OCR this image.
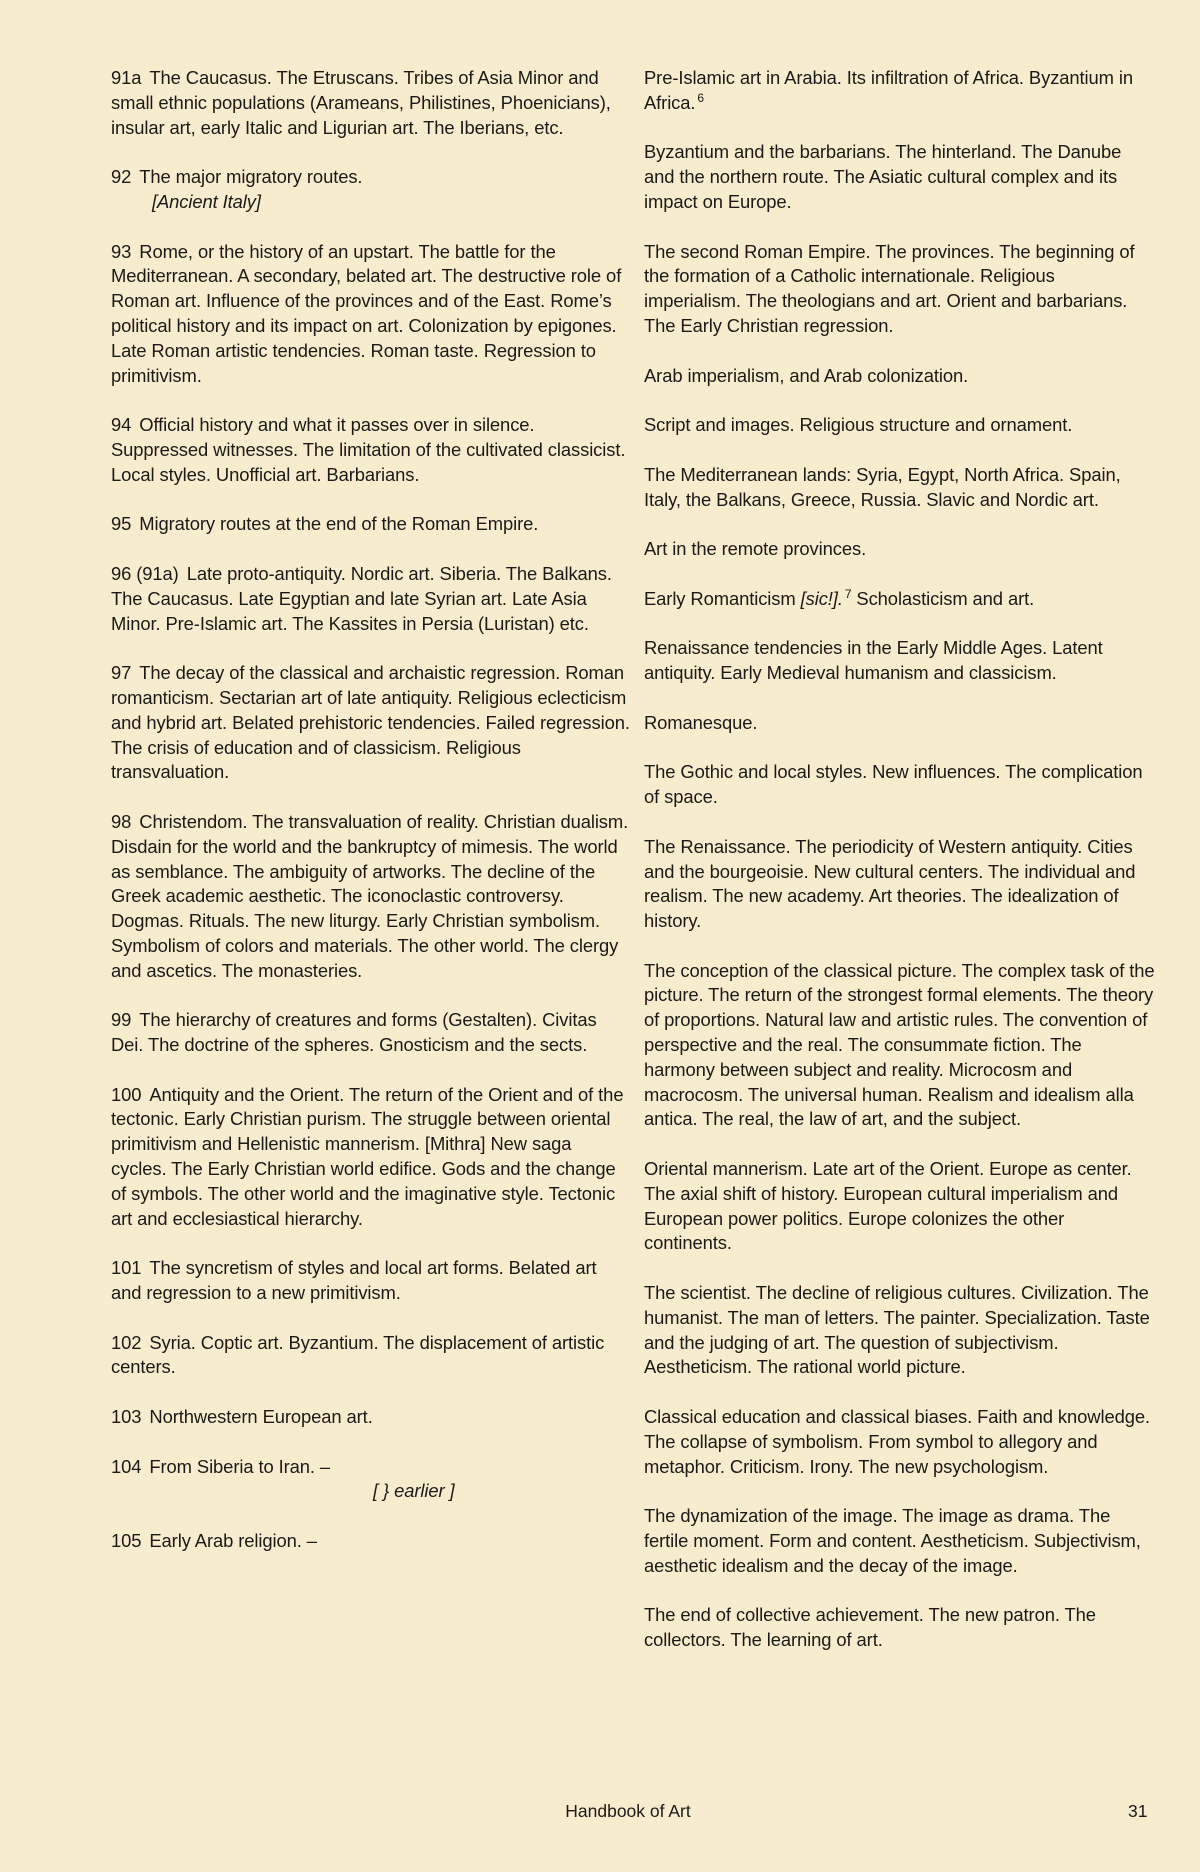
91a The Caucasus. The Etruscans. Tribes of Asia Minor and small ethnic populations (Arameans, Philistines, Phoenicians), insular art, early Italic and Ligurian art. The Iberians, etc.

92 The major migratory routes.
[Ancient Italy]

93 Rome, or the history of an upstart. The battle for the Mediterranean. A secondary, belated art. The destructive role of Roman art. Influence of the provinces and of the East. Rome’s political history and its impact on art. Colonization by epigones. Late Roman artistic tendencies. Roman taste. Regression to primitivism.

94 Official history and what it passes over in silence. Suppressed witnesses. The limitation of the cultivated classicist. Local styles. Unofficial art. Barbarians.

95 Migratory routes at the end of the Roman Empire.

96 (91a) Late proto-antiquity. Nordic art. Siberia. The Balkans. The Caucasus. Late Egyptian and late Syrian art. Late Asia Minor. Pre-Islamic art. The Kassites in Persia (Luristan) etc.

97 The decay of the classical and archaistic regression. Roman romanticism. Sectarian art of late antiquity. Religious eclecticism and hybrid art. Belated prehistoric tendencies. Failed regression. The crisis of education and of classicism. Religious transvaluation.

98 Christendom. The transvaluation of reality. Christian dualism. Disdain for the world and the bankruptcy of mimesis. The world as semblance. The ambiguity of artworks. The decline of the Greek academic aesthetic. The iconoclastic controversy. Dogmas. Rituals. The new liturgy. Early Christian symbolism. Symbolism of colors and materials. The other world. The clergy and ascetics. The monasteries.

99 The hierarchy of creatures and forms (Gestalten). Civitas Dei. The doctrine of the spheres. Gnosticism and the sects.

100 Antiquity and the Orient. The return of the Orient and of the tectonic. Early Christian purism. The struggle between oriental primitivism and Hellenistic mannerism. [Mithra] New saga cycles. The Early Christian world edifice. Gods and the change of symbols. The other world and the imaginative style. Tectonic art and ecclesiastical hierarchy.

101 The syncretism of styles and local art forms. Belated art and regression to a new primitivism.

102 Syria. Coptic art. Byzantium. The displacement of artistic centers.

103 Northwestern European art.

104 From Siberia to Iran. –
[ } earlier ]

105 Early Arab religion. –

Pre-Islamic art in Arabia. Its infiltration of Africa. Byzantium in Africa. $^6$

Byzantium and the barbarians. The hinterland. The Danube and the northern route. The Asiatic cultural complex and its impact on Europe.

The second Roman Empire. The provinces. The beginning of the formation of a Catholic internationale. Religious imperialism. The theologians and art. Orient and barbarians. The Early Christian regression.

Arab imperialism, and Arab colonization.

Script and images. Religious structure and ornament.

The Mediterranean lands: Syria, Egypt, North Africa. Spain, Italy, the Balkans, Greece, Russia. Slavic and Nordic art.

Art in the remote provinces.

Early Romanticism [sic!]. $^7$ Scholasticism and art.

Renaissance tendencies in the Early Middle Ages. Latent antiquity. Early Medieval humanism and classicism.

Romanesque.

The Gothic and local styles. New influences. The complication of space.

The Renaissance. The periodicity of Western antiquity. Cities and the bourgeoisie. New cultural centers. The individual and realism. The new academy. Art theories. The idealization of history.

The conception of the classical picture. The complex task of the picture. The return of the strongest formal elements. The theory of proportions. Natural law and artistic rules. The convention of perspective and the real. The consummate fiction. The harmony between subject and reality. Microcosm and macrocosm. The universal human. Realism and idealism alla antica. The real, the law of art, and the subject.

Oriental mannerism. Late art of the Orient. Europe as center. The axial shift of history. European cultural imperialism and European power politics. Europe colonizes the other continents.

The scientist. The decline of religious cultures. Civilization. The humanist. The man of letters. The painter. Specialization. Taste and the judging of art. The question of subjectivism. Aestheticism. The rational world picture.

Classical education and classical biases. Faith and knowledge. The collapse of symbolism. From symbol to allegory and metaphor. Criticism. Irony. The new psychologism.

The dynamization of the image. The image as drama. The fertile moment. Form and content. Aestheticism. Subjectivism, aesthetic idealism and the decay of the image.

The end of collective achievement. The new patron. The collectors. The learning of art.

Handbook of Art	31
